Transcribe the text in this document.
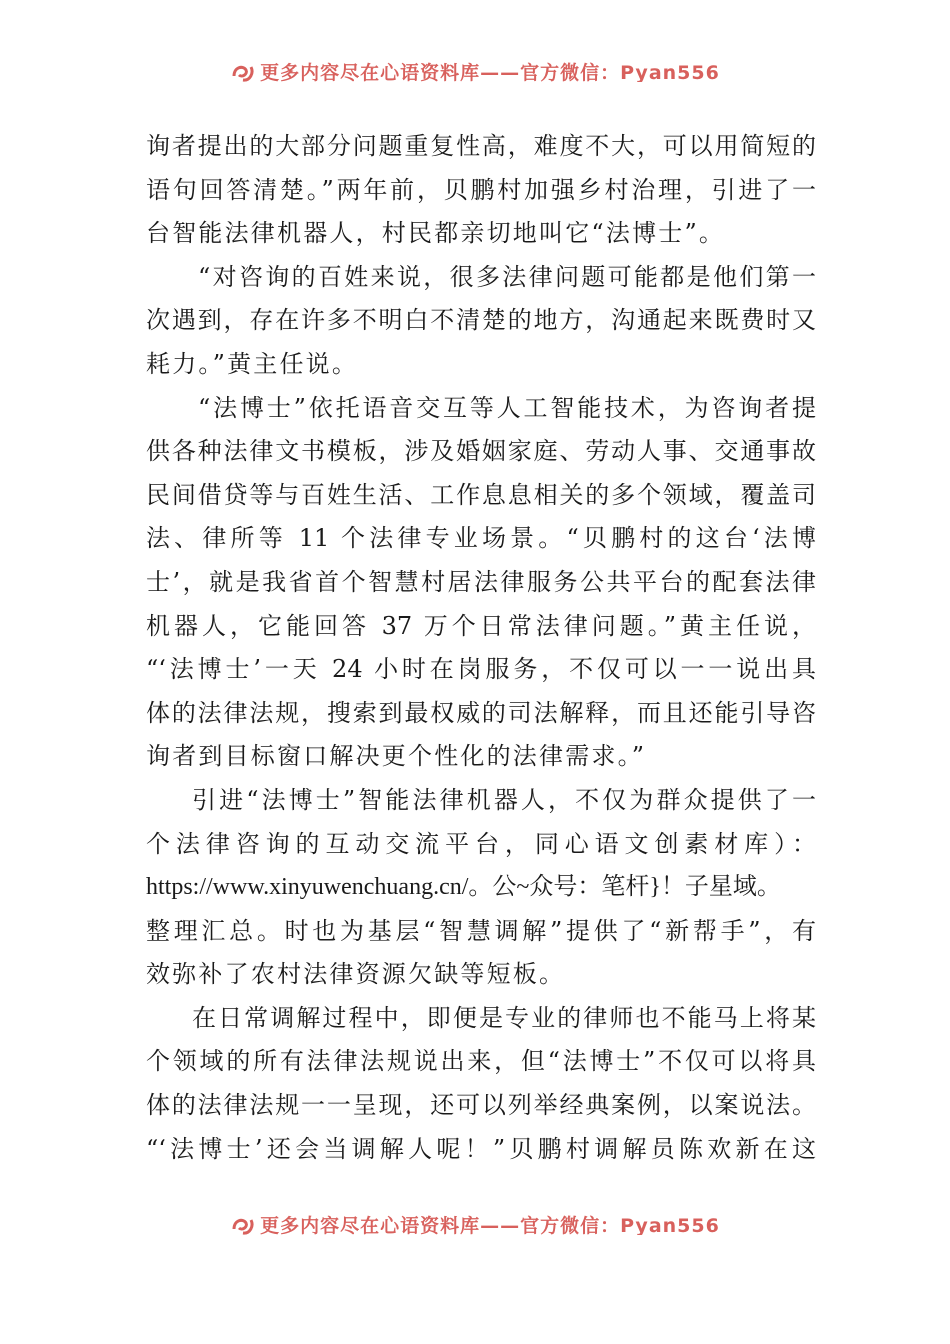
更多内容尽在心语资料库——官方微信：Pyan556
询者提出的大部分问题重复性高，难度不大，可以用简短的
语句回答清楚。”两年前，贝鹏村加强乡村治理，引进了一
台智能法律机器人，村民都亲切地叫它“法博士”。
“对咨询的百姓来说，很多法律问题可能都是他们第一
次遇到，存在许多不明白不清楚的地方，沟通起来既费时又
耗力。”黄主任说。
“法博士”依托语音交互等人工智能技术，为咨询者提
供各种法律文书模板，涉及婚姻家庭、劳动人事、交通事故
民间借贷等与百姓生活、工作息息相关的多个领域，覆盖司
法、律所等 11 个法律专业场景。“贝鹏村的这台‘法博
士’，就是我省首个智慧村居法律服务公共平台的配套法律
机器人，它能回答 37 万个日常法律问题。”黄主任说，
“‘法博士’一天 24 小时在岗服务，不仅可以一一说出具
体的法律法规，搜索到最权威的司法解释，而且还能引导咨
询者到目标窗口解决更个性化的法律需求。”
引进“法博士”智能法律机器人，不仅为群众提供了一
个法律咨询的互动交流平台，同心语文创素材库）：
https://www.xinyuwenchuang.cn/。公~众号：笔杆}！子星域。
整理汇总。时也为基层“智慧调解”提供了“新帮手”，有
效弥补了农村法律资源欠缺等短板。
在日常调解过程中，即便是专业的律师也不能马上将某
个领域的所有法律法规说出来，但“法博士”不仅可以将具
体的法律法规一一呈现，还可以列举经典案例，以案说法。
“‘法博士’还会当调解人呢！”贝鹏村调解员陈欢新在这
更多内容尽在心语资料库——官方微信：Pyan556
